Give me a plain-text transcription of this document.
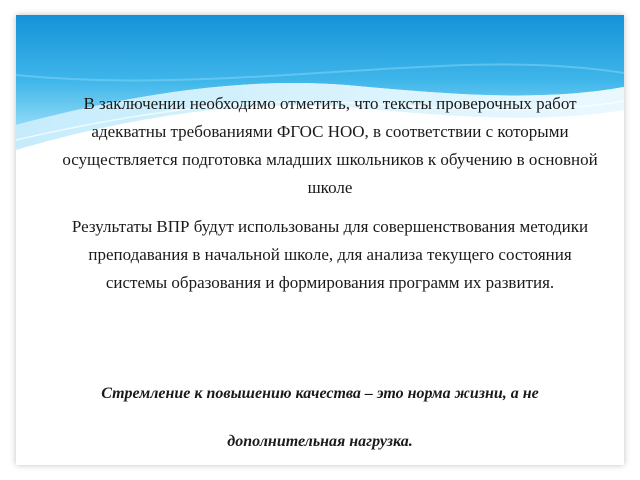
В заключении необходимо отметить, что тексты проверочных работ адекватны требованиями ФГОС НОО, в соответствии с которыми осуществляется подготовка младших школьников к обучению в основной школе

Результаты ВПР будут использованы для совершенствования методики преподавания в начальной школе, для анализа текущего состояния системы образования и формирования программ их развития.

Стремление к повышению качества – это норма жизни, а не

дополнительная нагрузка.
